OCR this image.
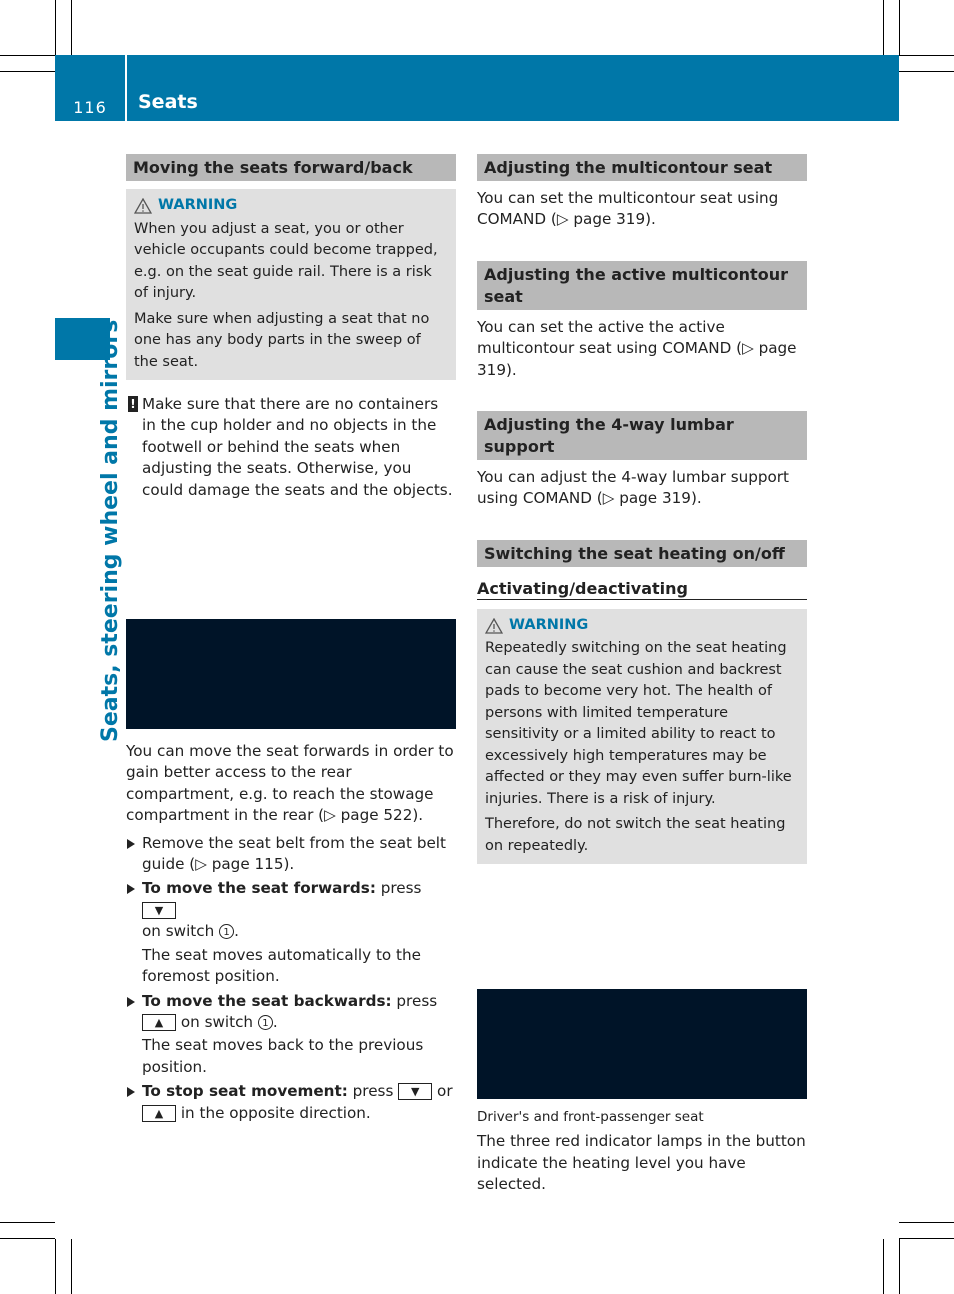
116	Seats
Seats, steering wheel and mirrors
Moving the seats forward/back
WARNING

When you adjust a seat, you or other vehicle occupants could become trapped, e.g. on the seat guide rail. There is a risk of injury.

Make sure when adjusting a seat that no one has any body parts in the sweep of the seat.

! Make sure that there are no containers in the cup holder and no objects in the footwell or behind the seats when adjusting the seats. Otherwise, you could damage the seats and the objects.

You can move the seat forwards in order to gain better access to the rear compartment, e.g. to reach the stowage compartment in the rear (▷ page 522).

Remove the seat belt from the seat belt guide (▷ page 115).
To move the seat forwards: press ▼
on switch 1 .

The seat moves automatically to the foremost position.

To move the seat backwards: press
▲ on switch 1 .

The seat moves back to the previous position.

To stop seat movement: press ▼ or
▲ in the opposite direction.
Adjusting the multicontour seat

You can set the multicontour seat using COMAND (▷ page 319).

Adjusting the active multicontour seat

You can set the active the active multicontour seat using COMAND (▷ page 319).

Adjusting the 4-way lumbar support

You can adjust the 4-way lumbar support using COMAND (▷ page 319).

Switching the seat heating on/off
Activating/deactivating
WARNING

Repeatedly switching on the seat heating can cause the seat cushion and backrest pads to become very hot. The health of persons with limited temperature sensitivity or a limited ability to react to excessively high temperatures may be affected or they may even suffer burn-like injuries. There is a risk of injury.

Therefore, do not switch the seat heating on repeatedly.

Driver's and front-passenger seat

The three red indicator lamps in the button indicate the heating level you have selected.
